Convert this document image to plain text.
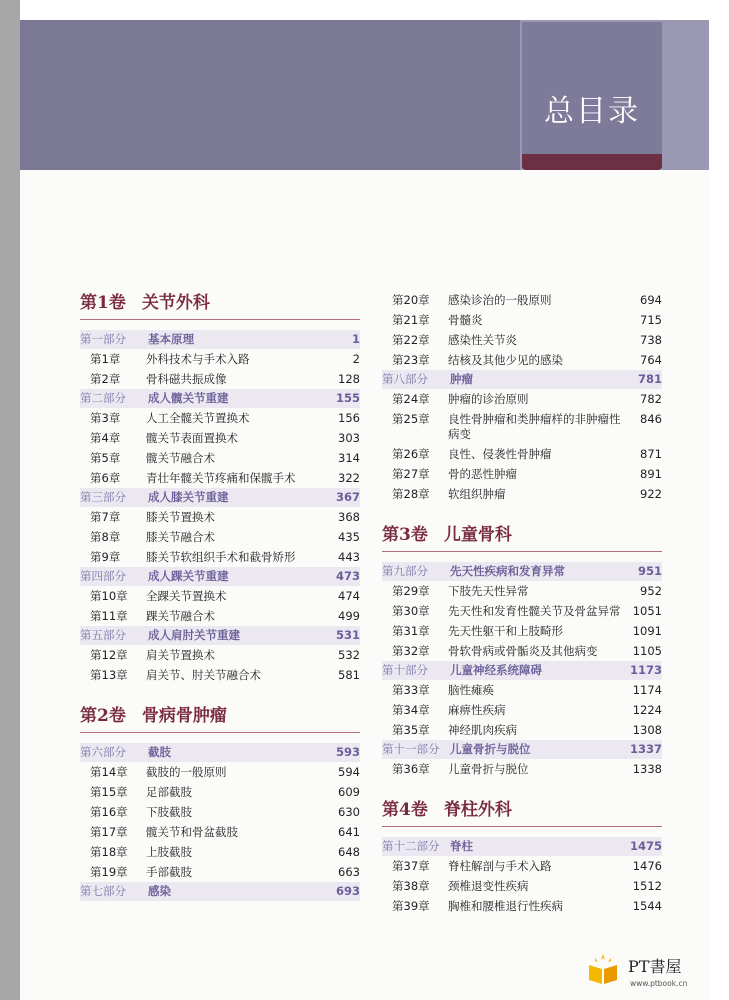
总目录
第1卷 关节外科
第一部分	基本原理	1
第1章	外科技术与手术入路	2
第2章	骨科磁共振成像	128
第二部分	成人髋关节重建	155
第3章	人工全髋关节置换术	156
第4章	髋关节表面置换术	303
第5章	髋关节融合术	314
第6章	青壮年髋关节疼痛和保髋手术	322
第三部分	成人膝关节重建	367
第7章	膝关节置换术	368
第8章	膝关节融合术	435
第9章	膝关节软组织手术和截骨矫形	443
第四部分	成人踝关节重建	473
第10章	全踝关节置换术	474
第11章	踝关节融合术	499
第五部分	成人肩肘关节重建	531
第12章	肩关节置换术	532
第13章	肩关节、肘关节融合术	581
第2卷 骨病骨肿瘤
第六部分	截肢	593
第14章	截肢的一般原则	594
第15章	足部截肢	609
第16章	下肢截肢	630
第17章	髋关节和骨盆截肢	641
第18章	上肢截肢	648
第19章	手部截肢	663
第七部分	感染	693
第20章	感染诊治的一般原则	694
第21章	骨髓炎	715
第22章	感染性关节炎	738
第23章	结核及其他少见的感染	764
第八部分	肿瘤	781
第24章	肿瘤的诊治原则	782
第25章	良性骨肿瘤和类肿瘤样的非肿瘤性病变
846
第26章	良性、侵袭性骨肿瘤	871
第27章	骨的恶性肿瘤	891
第28章	软组织肿瘤	922
第3卷 儿童骨科
第九部分	先天性疾病和发育异常	951
第29章	下肢先天性异常	952
第30章	先天性和发育性髋关节及骨盆异常	1051
第31章	先天性躯干和上肢畸形	1091
第32章	骨软骨病或骨骺炎及其他病变	1105
第十部分	儿童神经系统障碍	1173
第33章	脑性瘫痪	1174
第34章	麻痹性疾病	1224
第35章	神经肌肉疾病	1308
第十一部分 儿童骨折与脱位	1337
第36章	儿童骨折与脱位	1338
第4卷 脊柱外科
第十二部分 脊柱	1475
第37章	脊柱解剖与手术入路	1476
第38章	颈椎退变性疾病	1512
第39章	胸椎和腰椎退行性疾病	1544
PT書屋
www.ptbook.cn
